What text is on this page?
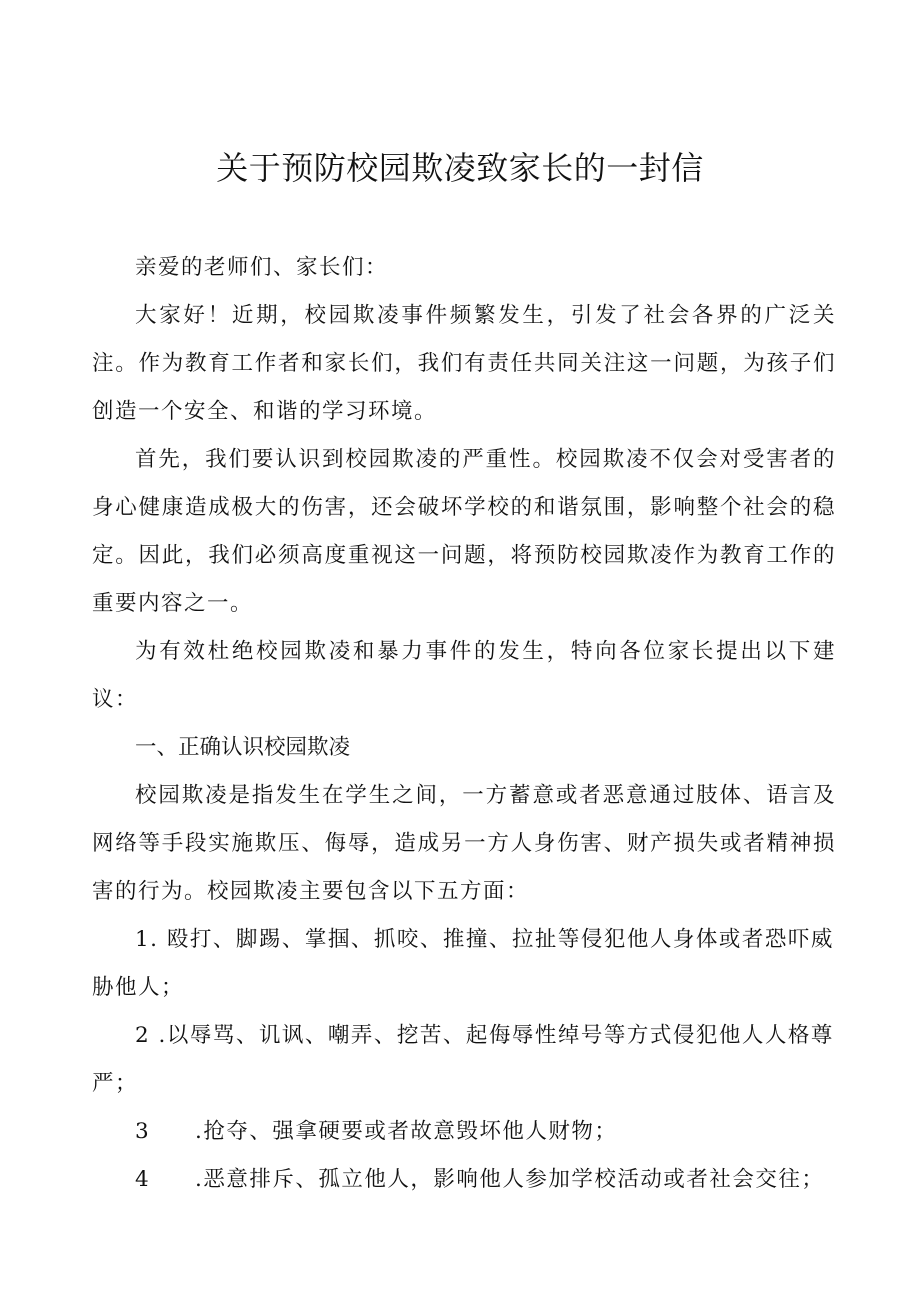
关于预防校园欺凌致家长的一封信

亲爱的老师们、家长们：

大家好！近期，校园欺凌事件频繁发生，引发了社会各界的广泛关注。作为教育工作者和家长们，我们有责任共同关注这一问题，为孩子们创造一个安全、和谐的学习环境。

首先，我们要认识到校园欺凌的严重性。校园欺凌不仅会对受害者的身心健康造成极大的伤害，还会破坏学校的和谐氛围，影响整个社会的稳定。因此，我们必须高度重视这一问题，将预防校园欺凌作为教育工作的重要内容之一。

为有效杜绝校园欺凌和暴力事件的发生，特向各位家长提出以下建议：

一、正确认识校园欺凌

校园欺凌是指发生在学生之间，一方蓄意或者恶意通过肢体、语言及网络等手段实施欺压、侮辱，造成另一方人身伤害、财产损失或者精神损害的行为。校园欺凌主要包含以下五方面：

1. 殴打、脚踢、掌掴、抓咬、推撞、拉扯等侵犯他人身体或者恐吓威胁他人；

2 .以辱骂、讥讽、嘲弄、挖苦、起侮辱性绰号等方式侵犯他人人格尊严；

3 .抢夺、强拿硬要或者故意毁坏他人财物；

4 .恶意排斥、孤立他人，影响他人参加学校活动或者社会交往；
